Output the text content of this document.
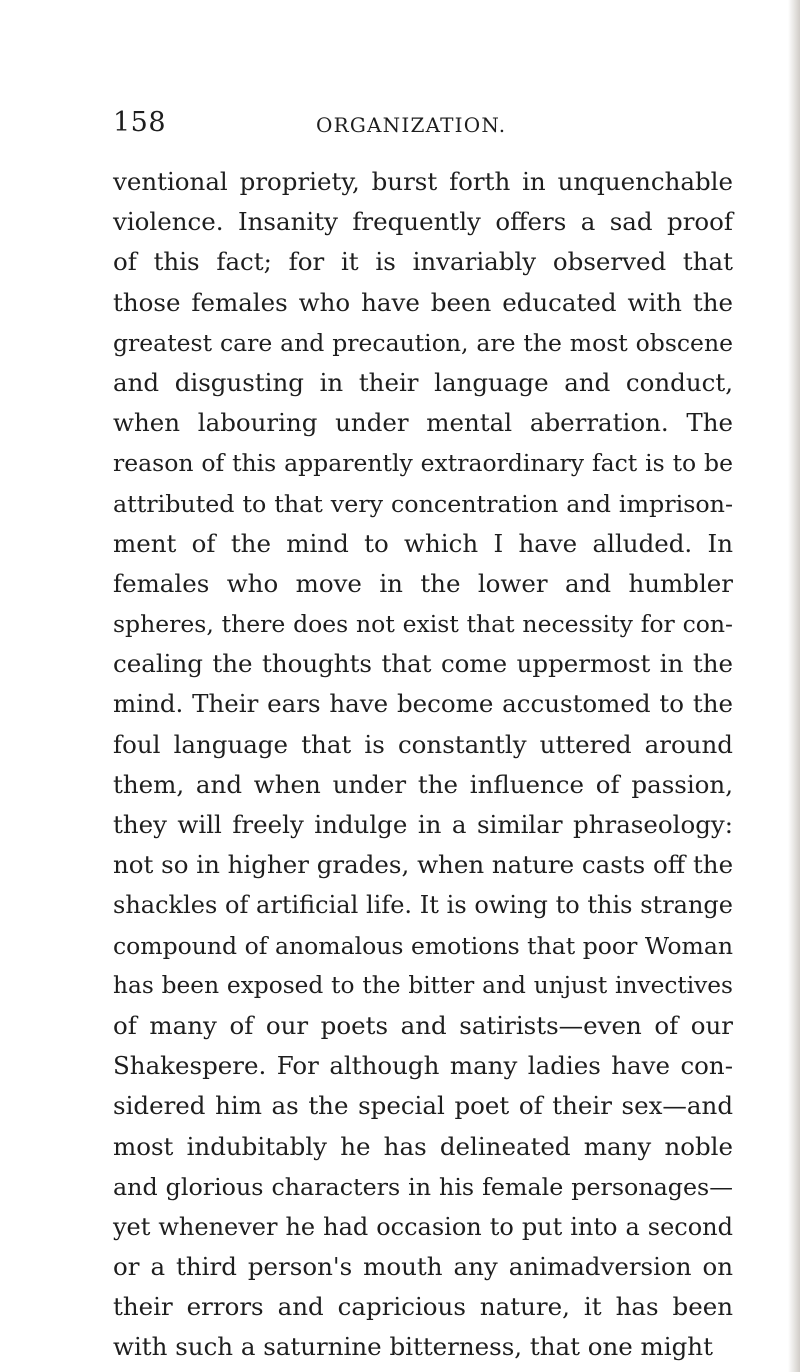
158	ORGANIZATION.
ventional propriety, burst forth in unquenchable
violence. Insanity frequently offers a sad proof
of this fact; for it is invariably observed that
those females who have been educated with the
greatest care and precaution, are the most obscene
and disgusting in their language and conduct,
when labouring under mental aberration. The
reason of this apparently extraordinary fact is to be
attributed to that very concentration and imprison-
ment of the mind to which I have alluded. In
females who move in the lower and humbler
spheres, there does not exist that necessity for con-
cealing the thoughts that come uppermost in the
mind. Their ears have become accustomed to the
foul language that is constantly uttered around
them, and when under the influence of passion,
they will freely indulge in a similar phraseology:
not so in higher grades, when nature casts off the
shackles of artificial life. It is owing to this strange
compound of anomalous emotions that poor Woman
has been exposed to the bitter and unjust invectives
of many of our poets and satirists—even of our
Shakespere. For although many ladies have con-
sidered him as the special poet of their sex—and
most indubitably he has delineated many noble
and glorious characters in his female personages—
yet whenever he had occasion to put into a second
or a third person's mouth any animadversion on
their errors and capricious nature, it has been
with such a saturnine bitterness, that one might
